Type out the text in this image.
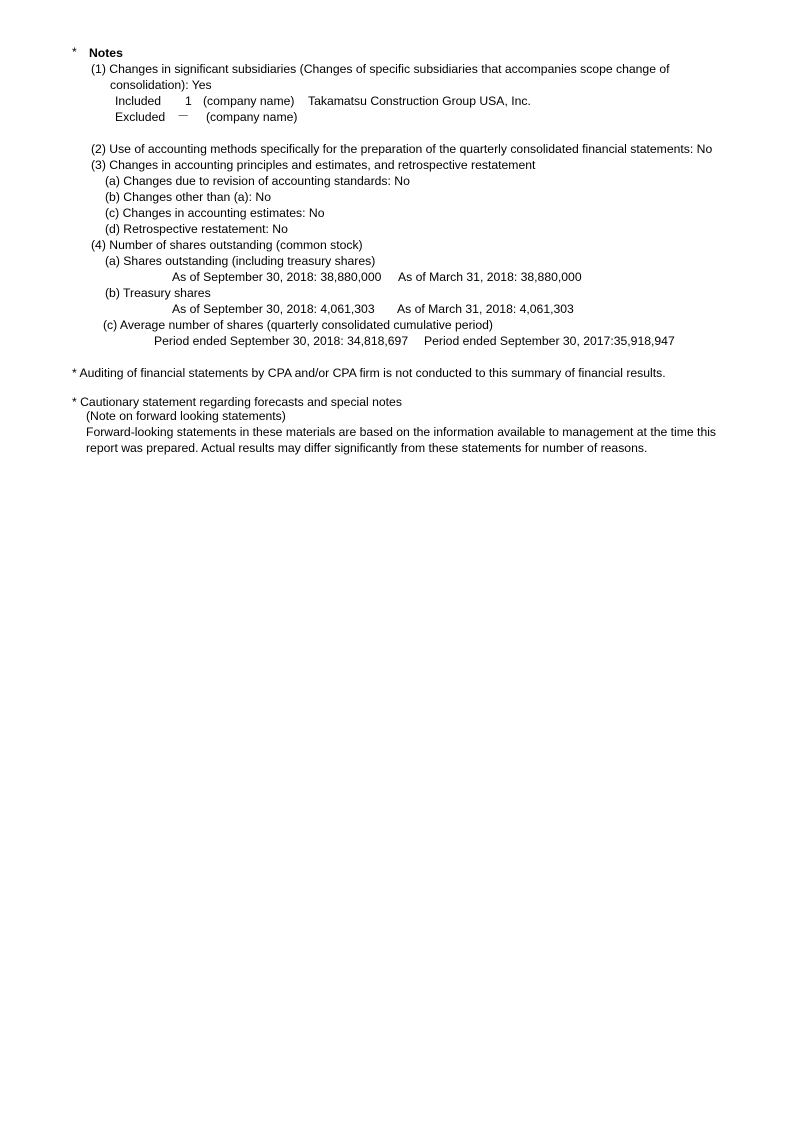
* Notes
(1) Changes in significant subsidiaries (Changes of specific subsidiaries that accompanies scope change of
consolidation): Yes
Included 1 (company name) Takamatsu Construction Group USA, Inc.
Excluded － (company name)
(2) Use of accounting methods specifically for the preparation of the quarterly consolidated financial statements: No
(3) Changes in accounting principles and estimates, and retrospective restatement
(a) Changes due to revision of accounting standards: No
(b) Changes other than (a): No
(c) Changes in accounting estimates: No
(d) Retrospective restatement: No
(4) Number of shares outstanding (common stock)
(a) Shares outstanding (including treasury shares)
As of September 30, 2018: 38,880,000 As of March 31, 2018: 38,880,000
(b) Treasury shares
As of September 30, 2018: 4,061,303 As of March 31, 2018: 4,061,303
(c) Average number of shares (quarterly consolidated cumulative period)
Period ended September 30, 2018: 34,818,697 Period ended September 30, 2017:35,918,947
* Auditing of financial statements by CPA and/or CPA firm is not conducted to this summary of financial results.
* Cautionary statement regarding forecasts and special notes
(Note on forward looking statements)
Forward-looking statements in these materials are based on the information available to management at the time this
report was prepared. Actual results may differ significantly from these statements for number of reasons.
